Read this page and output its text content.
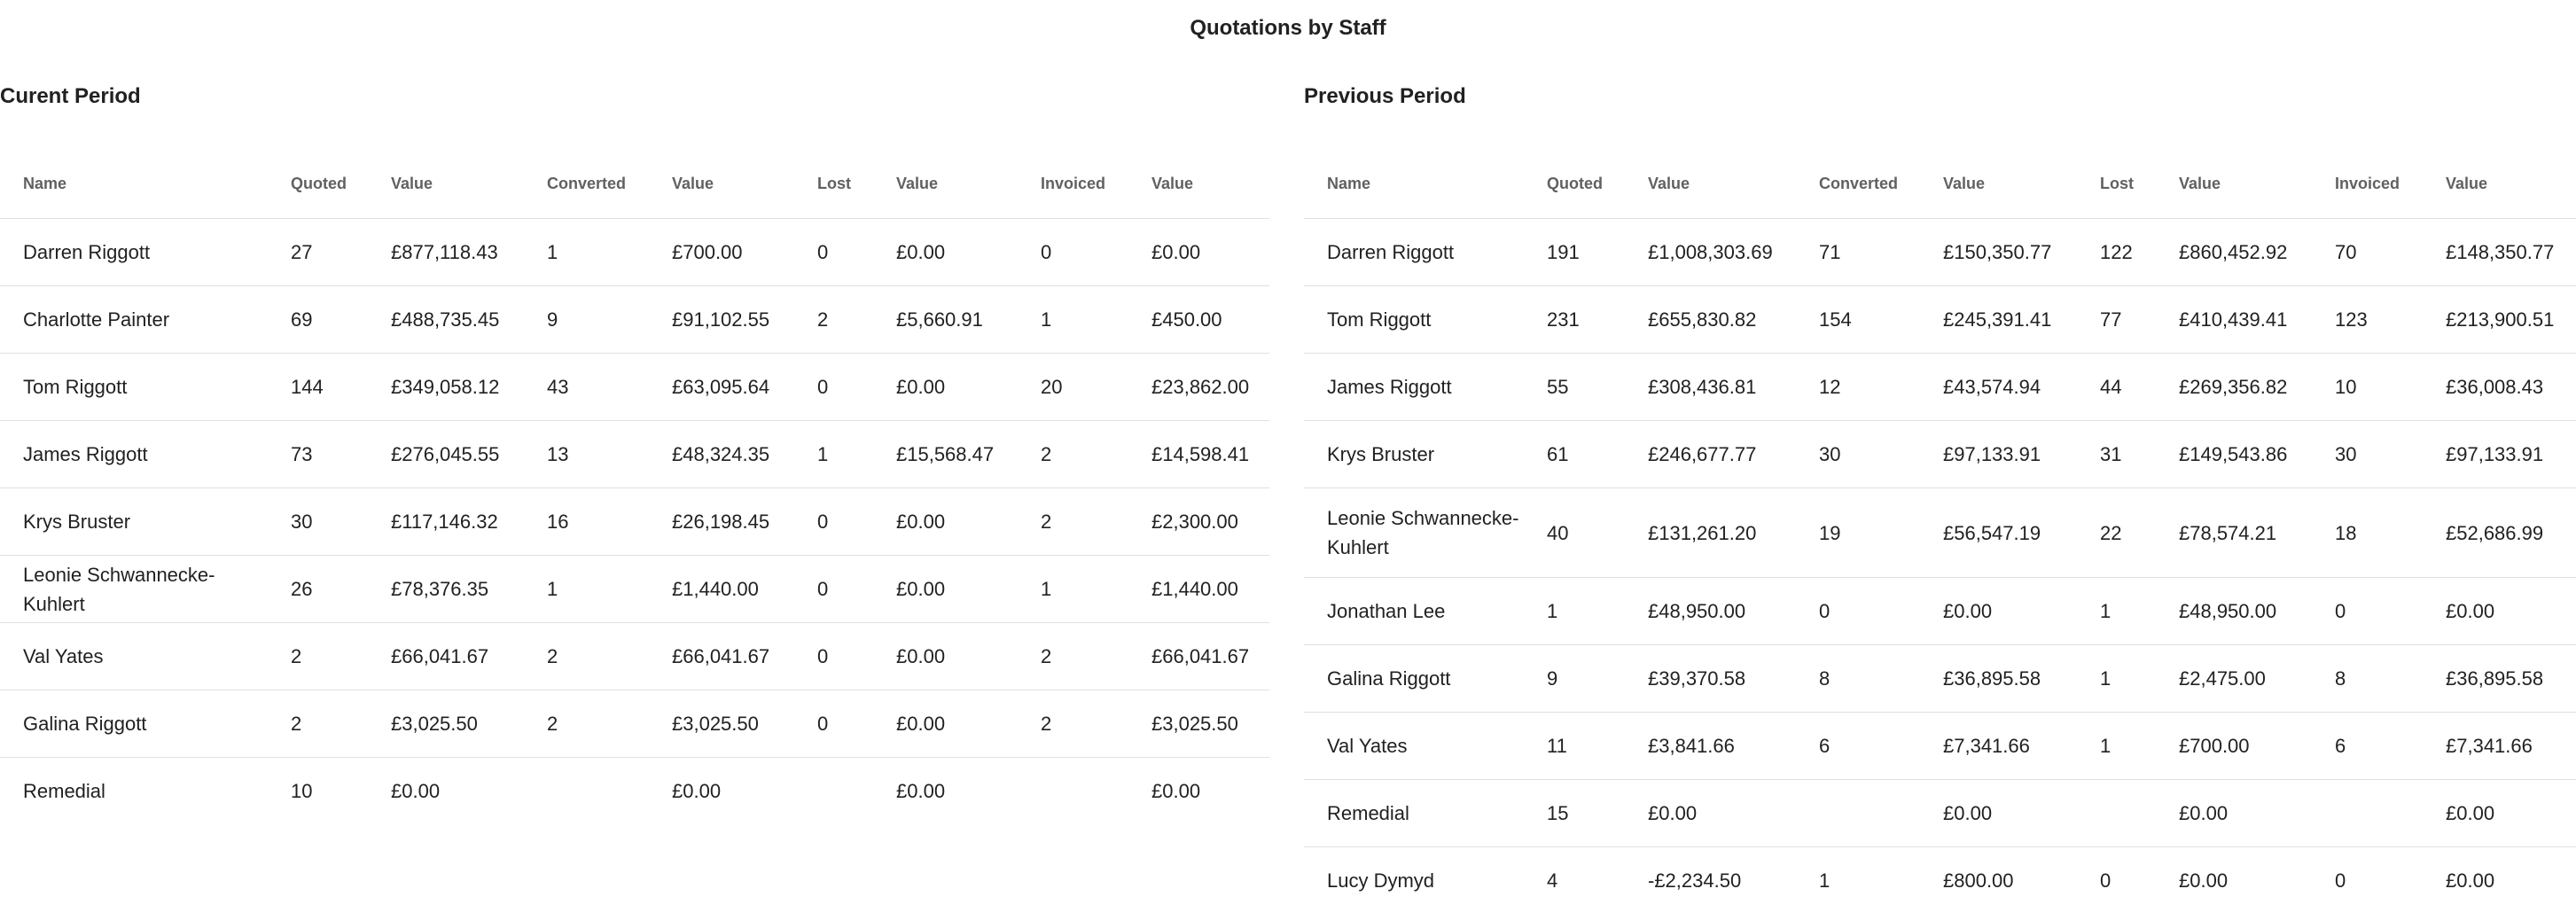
Quotations by Staff
Curent Period
Name	Quoted	Value	Converted	Value	Lost	Value	Invoiced	Value
Darren Riggott	27	£877,118.43	1	£700.00	0	£0.00	0	£0.00
Charlotte Painter	69	£488,735.45	9	£91,102.55	2	£5,660.91	1	£450.00
Tom Riggott	144	£349,058.12	43	£63,095.64	0	£0.00	20	£23,862.00
James Riggott	73	£276,045.55	13	£48,324.35	1	£15,568.47	2	£14,598.41
Krys Bruster	30	£117,146.32	16	£26,198.45	0	£0.00	2	£2,300.00
Leonie Schwannecke-Kuhlert	26	£78,376.35	1	£1,440.00	0	£0.00	1	£1,440.00
Val Yates	2	£66,041.67	2	£66,041.67	0	£0.00	2	£66,041.67
Galina Riggott	2	£3,025.50	2	£3,025.50	0	£0.00	2	£3,025.50
Remedial	10	£0.00		£0.00		£0.00		£0.00
Previous Period
Name	Quoted	Value	Converted	Value	Lost	Value	Invoiced	Value
Darren Riggott	191	£1,008,303.69	71	£150,350.77	122	£860,452.92	70	£148,350.77
Tom Riggott	231	£655,830.82	154	£245,391.41	77	£410,439.41	123	£213,900.51
James Riggott	55	£308,436.81	12	£43,574.94	44	£269,356.82	10	£36,008.43
Krys Bruster	61	£246,677.77	30	£97,133.91	31	£149,543.86	30	£97,133.91
Leonie Schwannecke-Kuhlert	40	£131,261.20	19	£56,547.19	22	£78,574.21	18	£52,686.99
Jonathan Lee	1	£48,950.00	0	£0.00	1	£48,950.00	0	£0.00
Galina Riggott	9	£39,370.58	8	£36,895.58	1	£2,475.00	8	£36,895.58
Val Yates	11	£3,841.66	6	£7,341.66	1	£700.00	6	£7,341.66
Remedial	15	£0.00		£0.00		£0.00		£0.00
Lucy Dymyd	4	-£2,234.50	1	£800.00	0	£0.00	0	£0.00
